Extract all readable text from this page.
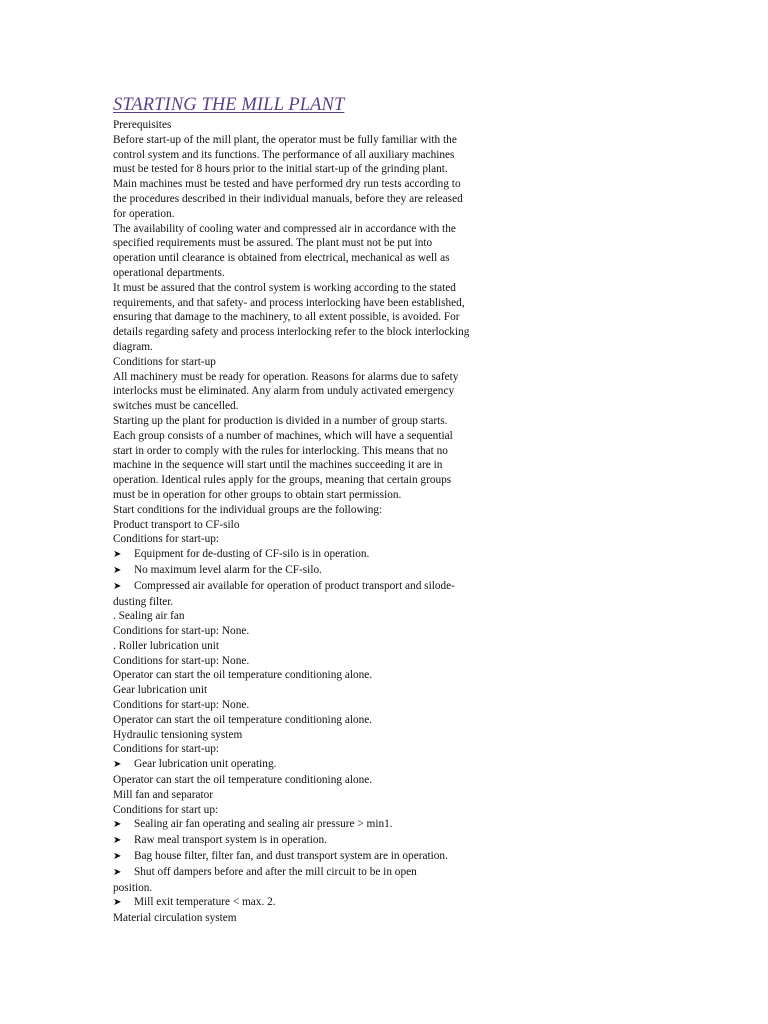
STARTING THE MILL PLANT
Prerequisites
Before start-up of the mill plant, the operator must be fully familiar with the
control system and its functions. The performance of all auxiliary machines
must be tested for 8 hours prior to the initial start-up of the grinding plant.
Main machines must be tested and have performed dry run tests according to
the procedures described in their individual manuals, before they are released
for operation.
The availability of cooling water and compressed air in accordance with the
specified requirements must be assured. The plant must not be put into
operation until clearance is obtained from electrical, mechanical as well as
operational departments.
It must be assured that the control system is working according to the stated
requirements, and that safety- and process interlocking have been established,
ensuring that damage to the machinery, to all extent possible, is avoided. For
details regarding safety and process interlocking refer to the block interlocking
diagram.
Conditions for start-up
All machinery must be ready for operation. Reasons for alarms due to safety
interlocks must be eliminated. Any alarm from unduly activated emergency
switches must be cancelled.
Starting up the plant for production is divided in a number of group starts.
Each group consists of a number of machines, which will have a sequential
start in order to comply with the rules for interlocking. This means that no
machine in the sequence will start until the machines succeeding it are in
operation. Identical rules apply for the groups, meaning that certain groups
must be in operation for other groups to obtain start permission.
Start conditions for the individual groups are the following:
Product transport to CF-silo
Conditions for start-up:
➤ Equipment for de-dusting of CF-silo is in operation.
➤ No maximum level alarm for the CF-silo.
➤ Compressed air available for operation of product transport and silode-
dusting filter.
. Sealing air fan
Conditions for start-up: None.
. Roller lubrication unit
Conditions for start-up: None.
Operator can start the oil temperature conditioning alone.
Gear lubrication unit
Conditions for start-up: None.
Operator can start the oil temperature conditioning alone.
Hydraulic tensioning system
Conditions for start-up:
➤ Gear lubrication unit operating.
Operator can start the oil temperature conditioning alone.
Mill fan and separator
Conditions for start up:
➤ Sealing air fan operating and sealing air pressure > min1.
➤ Raw meal transport system is in operation.
➤ Bag house filter, filter fan, and dust transport system are in operation.
➤ Shut off dampers before and after the mill circuit to be in open
position.
➤ Mill exit temperature < max. 2.
Material circulation system
